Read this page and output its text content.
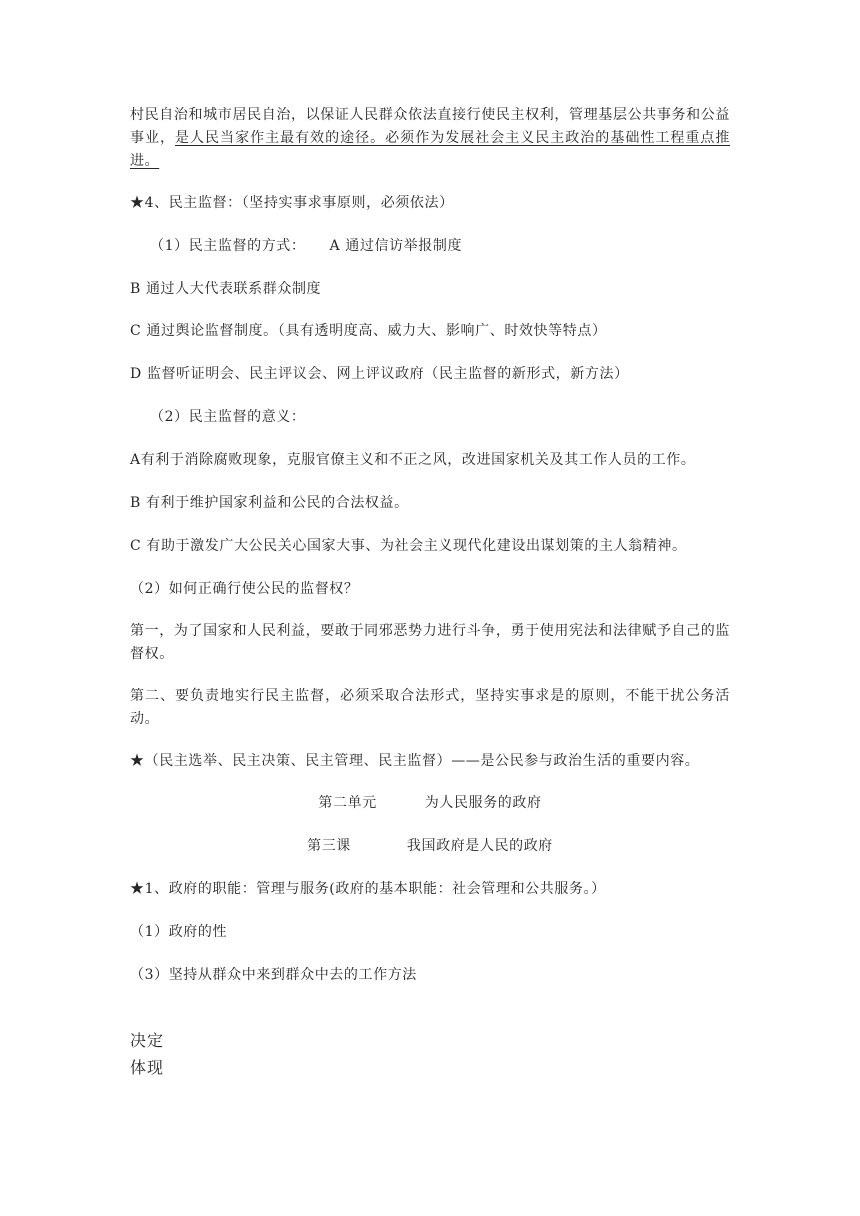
村民自治和城市居民自治，以保证人民群众依法直接行使民主权利，管理基层公共事务和公益事业，是人民当家作主最有效的途径。必须作为发展社会主义民主政治的基础性工程重点推进。
★4、民主监督：（坚持实事求事原则，必须依法）
（1）民主监督的方式： A 通过信访举报制度
B 通过人大代表联系群众制度
C 通过舆论监督制度。（具有透明度高、威力大、影响广、时效快等特点）
D 监督听证明会、民主评议会、网上评议政府（民主监督的新形式，新方法）
（2）民主监督的意义：
A有利于消除腐败现象，克服官僚主义和不正之风，改进国家机关及其工作人员的工作。
B 有利于维护国家利益和公民的合法权益。
C 有助于激发广大公民关心国家大事、为社会主义现代化建设出谋划策的主人翁精神。
（2）如何正确行使公民的监督权？
第一，为了国家和人民利益，要敢于同邪恶势力进行斗争，勇于使用宪法和法律赋予自己的监督权。
第二、要负责地实行民主监督，必须采取合法形式，坚持实事求是的原则，不能干扰公务活动。
★（民主选举、民主决策、民主管理、民主监督）——是公民参与政治生活的重要内容。
第二单元	为人民服务的政府
第三课	我国政府是人民的政府
★1、政府的职能：管理与服务(政府的基本职能：社会管理和公共服务。）
（1）政府的性
（3）坚持从群众中来到群众中去的工作方法
决定
体现
